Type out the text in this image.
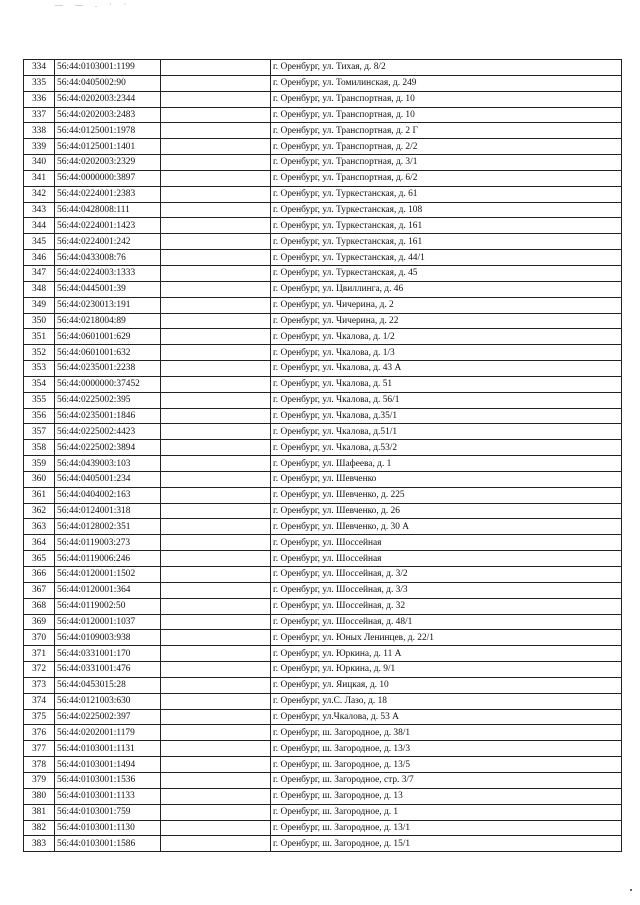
— — . · ·
334	56:44:0103001:1199		г. Оренбург, ул. Тихая, д. 8/2
335	56:44:0405002:90		г. Оренбург, ул. Томилинская, д. 249
336	56:44:0202003:2344		г. Оренбург, ул. Транспортная, д. 10
337	56:44:0202003:2483		г. Оренбург, ул. Транспортная, д. 10
338	56:44:0125001:1978		г. Оренбург, ул. Транспортная, д. 2 Г
339	56:44:0125001:1401		г. Оренбург, ул. Транспортная, д. 2/2
340	56:44:0202003:2329		г. Оренбург, ул. Транспортная, д. 3/1
341	56:44:0000000:3897		г. Оренбург, ул. Транспортная, д. 6/2
342	56:44:0224001:2383		г. Оренбург, ул. Туркестанская, д. 61
343	56:44:0428008:111		г. Оренбург, ул. Туркестанская, д. 108
344	56:44:0224001:1423		г. Оренбург, ул. Туркестанская, д. 161
345	56:44:0224001:242		г. Оренбург, ул. Туркестанская, д. 161
346	56:44:0433008:76		г. Оренбург, ул. Туркестанская, д. 44/1
347	56:44:0224003:1333		г. Оренбург, ул. Туркестанская, д. 45
348	56:44:0445001:39		г. Оренбург, ул. Цвиллинга, д. 46
349	56:44:0230013:191		г. Оренбург, ул. Чичерина, д. 2
350	56:44:0218004:89		г. Оренбург, ул. Чичерина, д. 22
351	56:44:0601001:629		г. Оренбург, ул. Чкалова, д. 1/2
352	56:44:0601001:632		г. Оренбург, ул. Чкалова, д. 1/3
353	56:44:0235001:2238		г. Оренбург, ул. Чкалова, д. 43 А
354	56:44:0000000:37452		г. Оренбург, ул. Чкалова, д. 51
355	56:44:0225002:395		г. Оренбург, ул. Чкалова, д. 56/1
356	56:44:0235001:1846		г. Оренбург, ул. Чкалова, д.35/1
357	56:44:0225002:4423		г. Оренбург, ул. Чкалова, д.51/1
358	56:44:0225002:3894		г. Оренбург, ул. Чкалова, д.53/2
359	56:44:0439003:103		г. Оренбург, ул. Шафеева, д. 1
360	56:44:0405001:234		г. Оренбург, ул. Шевченко
361	56:44:0404002:163		г. Оренбург, ул. Шевченко, д. 225
362	56:44:0124001:318		г. Оренбург, ул. Шевченко, д. 26
363	56:44:0128002:351		г. Оренбург, ул. Шевченко, д. 30 А
364	56:44:0119003:273		г. Оренбург, ул. Шоссейная
365	56:44:0119006:246		г. Оренбург, ул. Шоссейная
366	56:44:0120001:1502		г. Оренбург, ул. Шоссейная, д. 3/2
367	56:44:0120001:364		г. Оренбург, ул. Шоссейная, д. 3/3
368	56:44:0119002:50		г. Оренбург, ул. Шоссейная, д. 32
369	56:44:0120001:1037		г. Оренбург, ул. Шоссейная, д. 48/1
370	56:44:0109003:938		г. Оренбург, ул. Юных Ленинцев, д. 22/1
371	56:44:0331001:170		г. Оренбург, ул. Юркина, д. 11 А
372	56:44:0331001:476		г. Оренбург, ул. Юркина, д. 9/1
373	56:44:0453015:28		г. Оренбург, ул. Яицкая, д. 10
374	56:44:0121003:630		г. Оренбург, ул.С. Лазо, д. 18
375	56:44:0225002:397		г. Оренбург, ул.Чкалова, д. 53 А
376	56:44:0202001:1179		г. Оренбург, ш. Загородное, д. 38/1
377	56:44:0103001:1131		г. Оренбург, ш. Загородное, д. 13/3
378	56:44:0103001:1494		г. Оренбург, ш. Загородное, д. 13/5
379	56:44:0103001:1536		г. Оренбург, ш. Загородное, стр. 3/7
380	56:44:0103001:1133		г. Оренбург, ш. Загородное, д. 13
381	56:44:0103001:759		г. Оренбург, ш. Загородное, д. 1
382	56:44:0103001:1130		г. Оренбург, ш. Загородное, д. 13/1
383	56:44:0103001:1586		г. Оренбург, ш. Загородное, д. 15/1
